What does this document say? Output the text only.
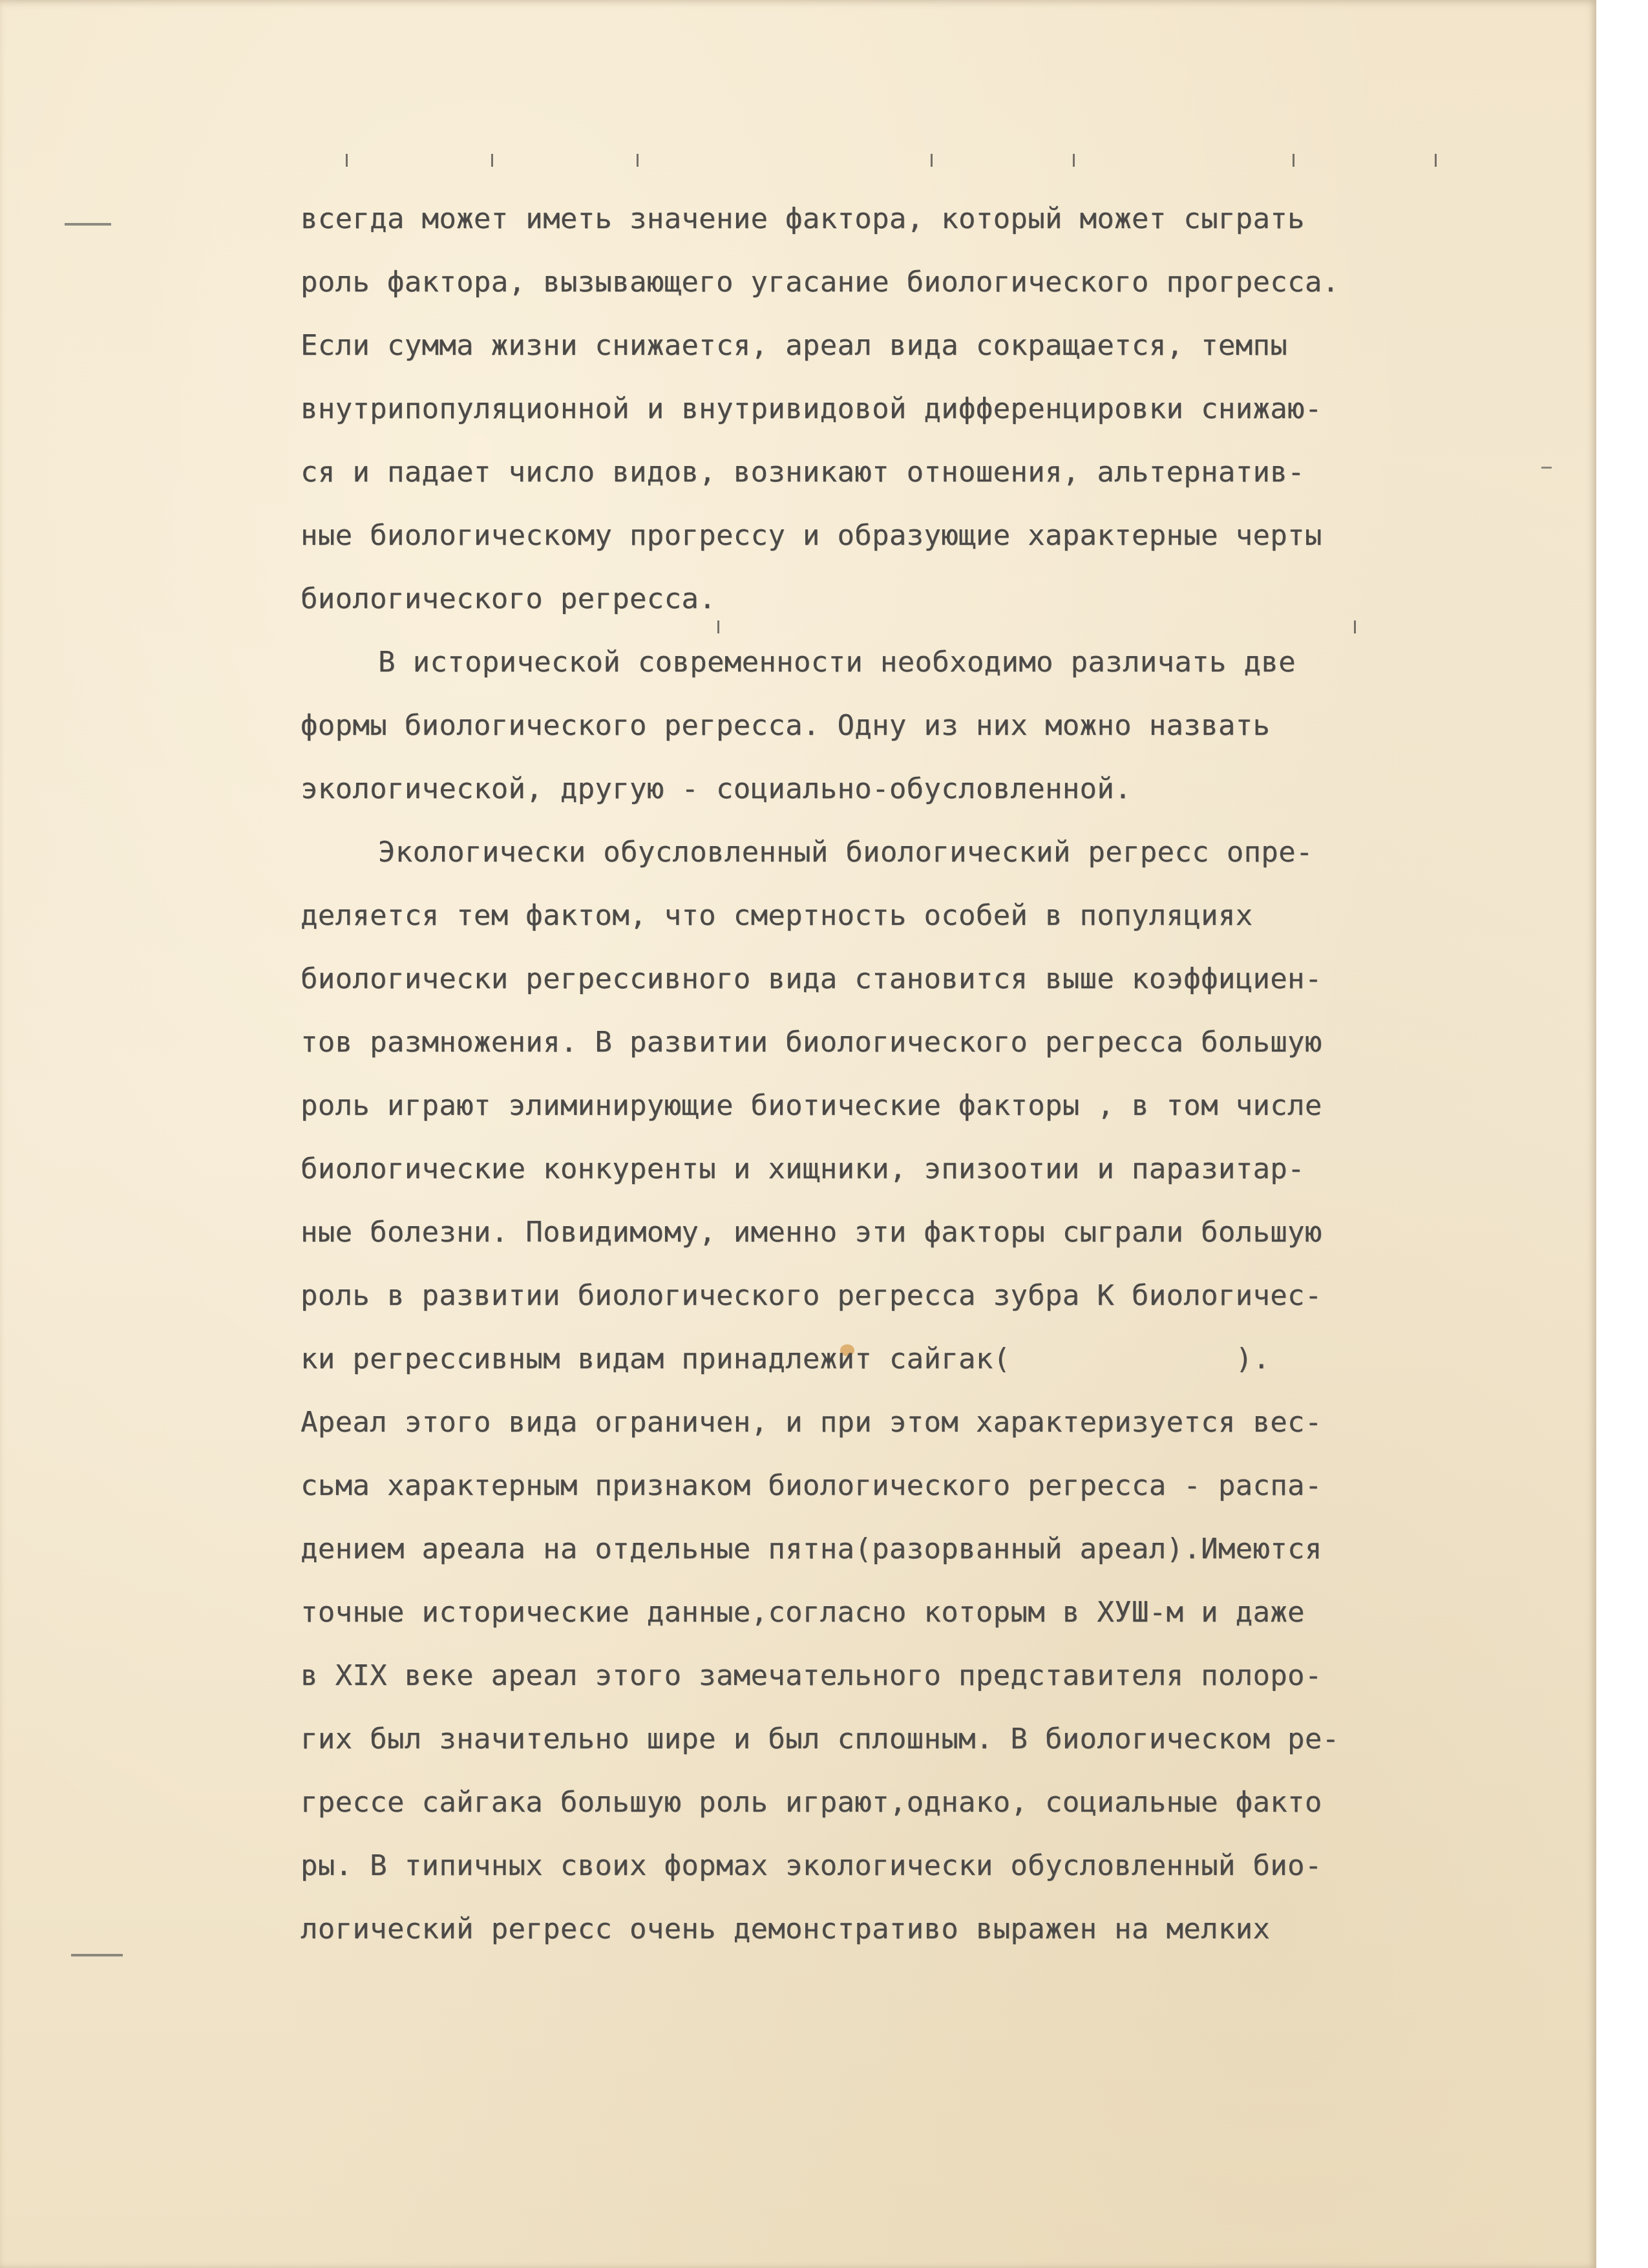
всегда может иметь значение фактора, который может сыграть
роль фактора, вызывающего угасание биологического прогресса.
Если сумма жизни снижается, ареал вида сокращается, темпы
внутрипопуляционной и внутривидовой дифференцировки снижаю-
ся и падает число видов, возникают отношения, альтернатив-
ные биологическому прогрессу и образующие характерные черты
биологического регресса.
В исторической современности необходимо различать две
формы биологического регресса. Одну из них можно назвать
экологической, другую - социально-обусловленной.
Экологически обусловленный биологический регресс опре-
деляется тем фактом, что смертность особей в популяциях
биологически регрессивного вида становится выше коэффициен-
тов размножения. В развитии биологического регресса большую
роль играют элиминирующие биотические факторы , в том числе
биологические конкуренты и хищники, эпизоотии и паразитар-
ные болезни. Повидимому, именно эти факторы сыграли большую
роль в развитии биологического регресса зубра К биологичес-
ки регрессивным видам принадлежит сайгак(             ).
Ареал этого вида ограничен, и при этом характеризуется вес-
сьма характерным признаком биологического регресса - распа-
дением ареала на отдельные пятна(разорванный ареал).Имеются
точные исторические данные,согласно которым в ХУШ-м и даже
в XIX веке ареал этого замечательного представителя полоро-
гих был значительно шире и был сплошным. В биологическом ре-
грессе сайгака большую роль играют,однако, социальные факто
ры. В типичных своих формах экологически обусловленный био-
логический регресс очень демонстративо выражен на мелких
